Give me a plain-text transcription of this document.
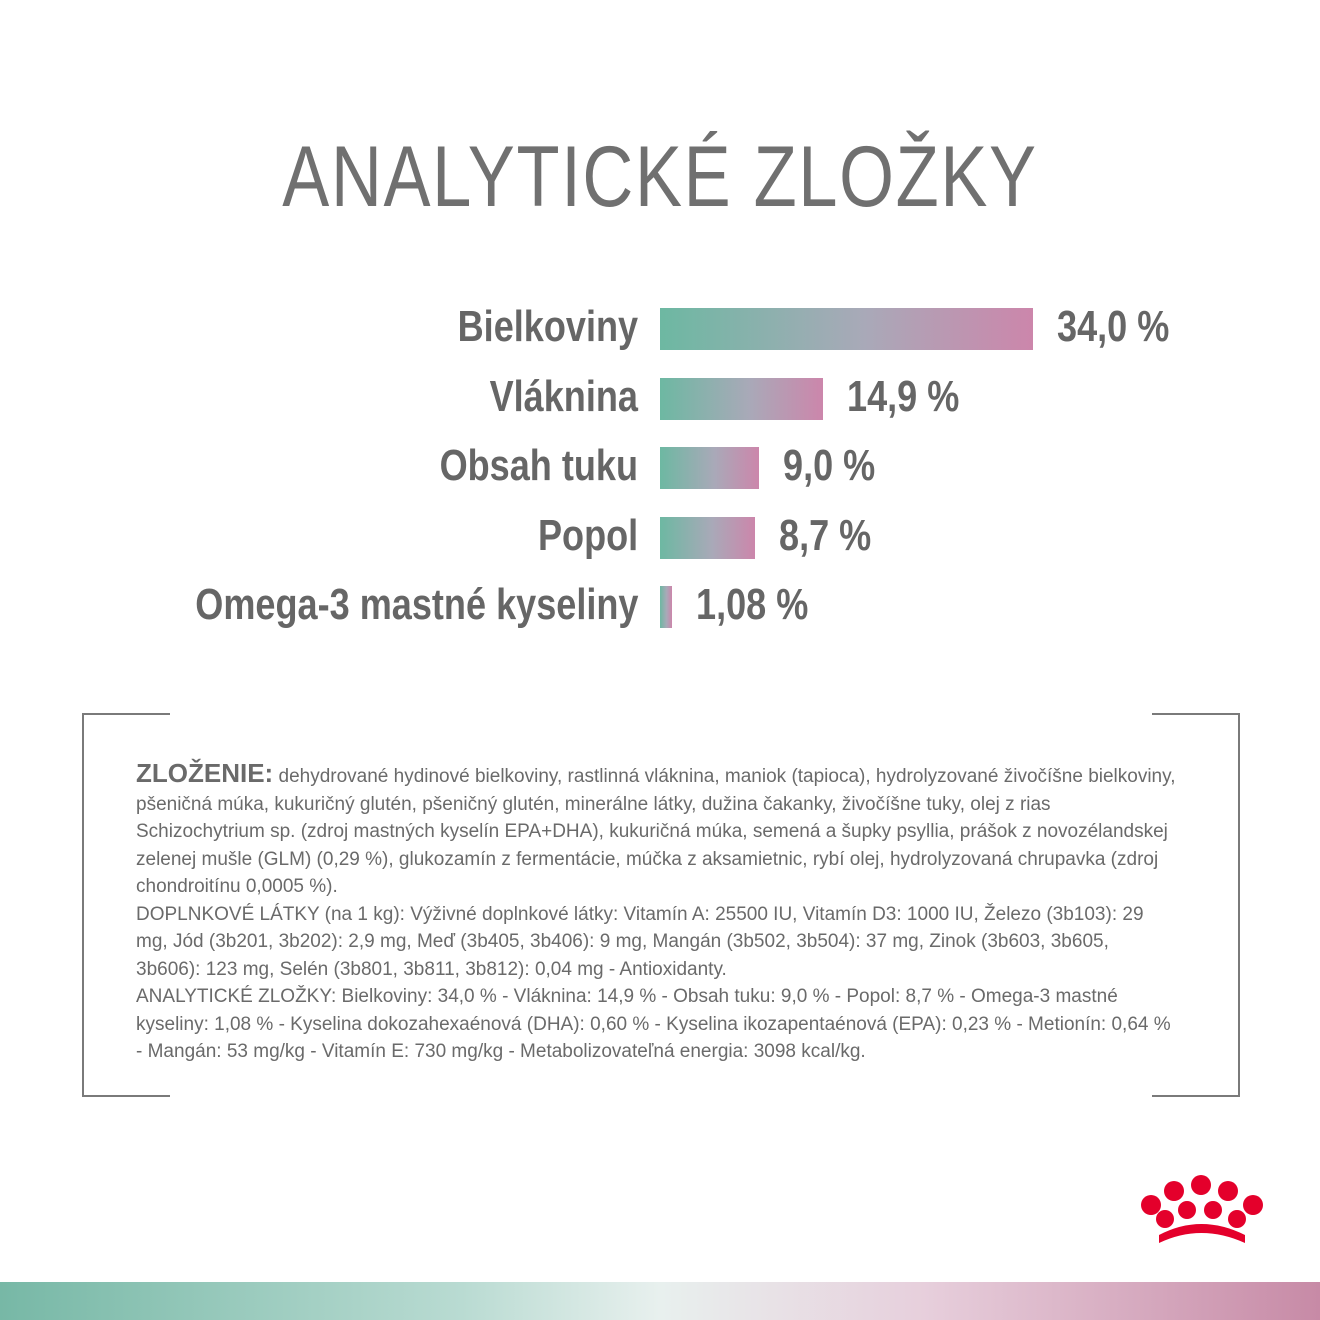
ANALYTICKÉ ZLOŽKY
Bielkoviny	34,0 %
Vláknina	14,9 %
Obsah tuku	9,0 %
Popol	8,7 %
Omega-3 mastné kyseliny 1,08 %

ZLOŽENIE: dehydrované hydinové bielkoviny, rastlinná vláknina, maniok (tapioca), hydrolyzované živočíšne bielkoviny, pšeničná múka, kukuričný glutén, pšeničný glutén, minerálne látky, dužina čakanky, živočíšne tuky, olej z rias Schizochytrium sp. (zdroj mastných kyselín EPA+DHA), kukuričná múka, semená a šupky psyllia, prášok z novozélandskej zelenej mušle (GLM) (0,29 %), glukozamín z fermentácie, múčka z aksamietnic, rybí olej, hydrolyzovaná chrupavka (zdroj chondroitínu 0,0005 %).

DOPLNKOVÉ LÁTKY (na 1 kg): Výživné doplnkové látky: Vitamín A: 25500 IU, Vitamín D3: 1000 IU, Železo (3b103): 29 mg, Jód (3b201, 3b202): 2,9 mg, Meď (3b405, 3b406): 9 mg, Mangán (3b502, 3b504): 37 mg, Zinok (3b603, 3b605, 3b606): 123 mg, Selén (3b801, 3b811, 3b812): 0,04 mg - Antioxidanty.

ANALYTICKÉ ZLOŽKY: Bielkoviny: 34,0 % - Vláknina: 14,9 % - Obsah tuku: 9,0 % - Popol: 8,7 % - Omega-3 mastné kyseliny: 1,08 % - Kyselina dokozahexaénová (DHA): 0,60 % - Kyselina ikozapentaénová (EPA): 0,23 % - Metionín: 0,64 % - Mangán: 53 mg/kg - Vitamín E: 730 mg/kg - Metabolizovateľná energia: 3098 kcal/kg.
